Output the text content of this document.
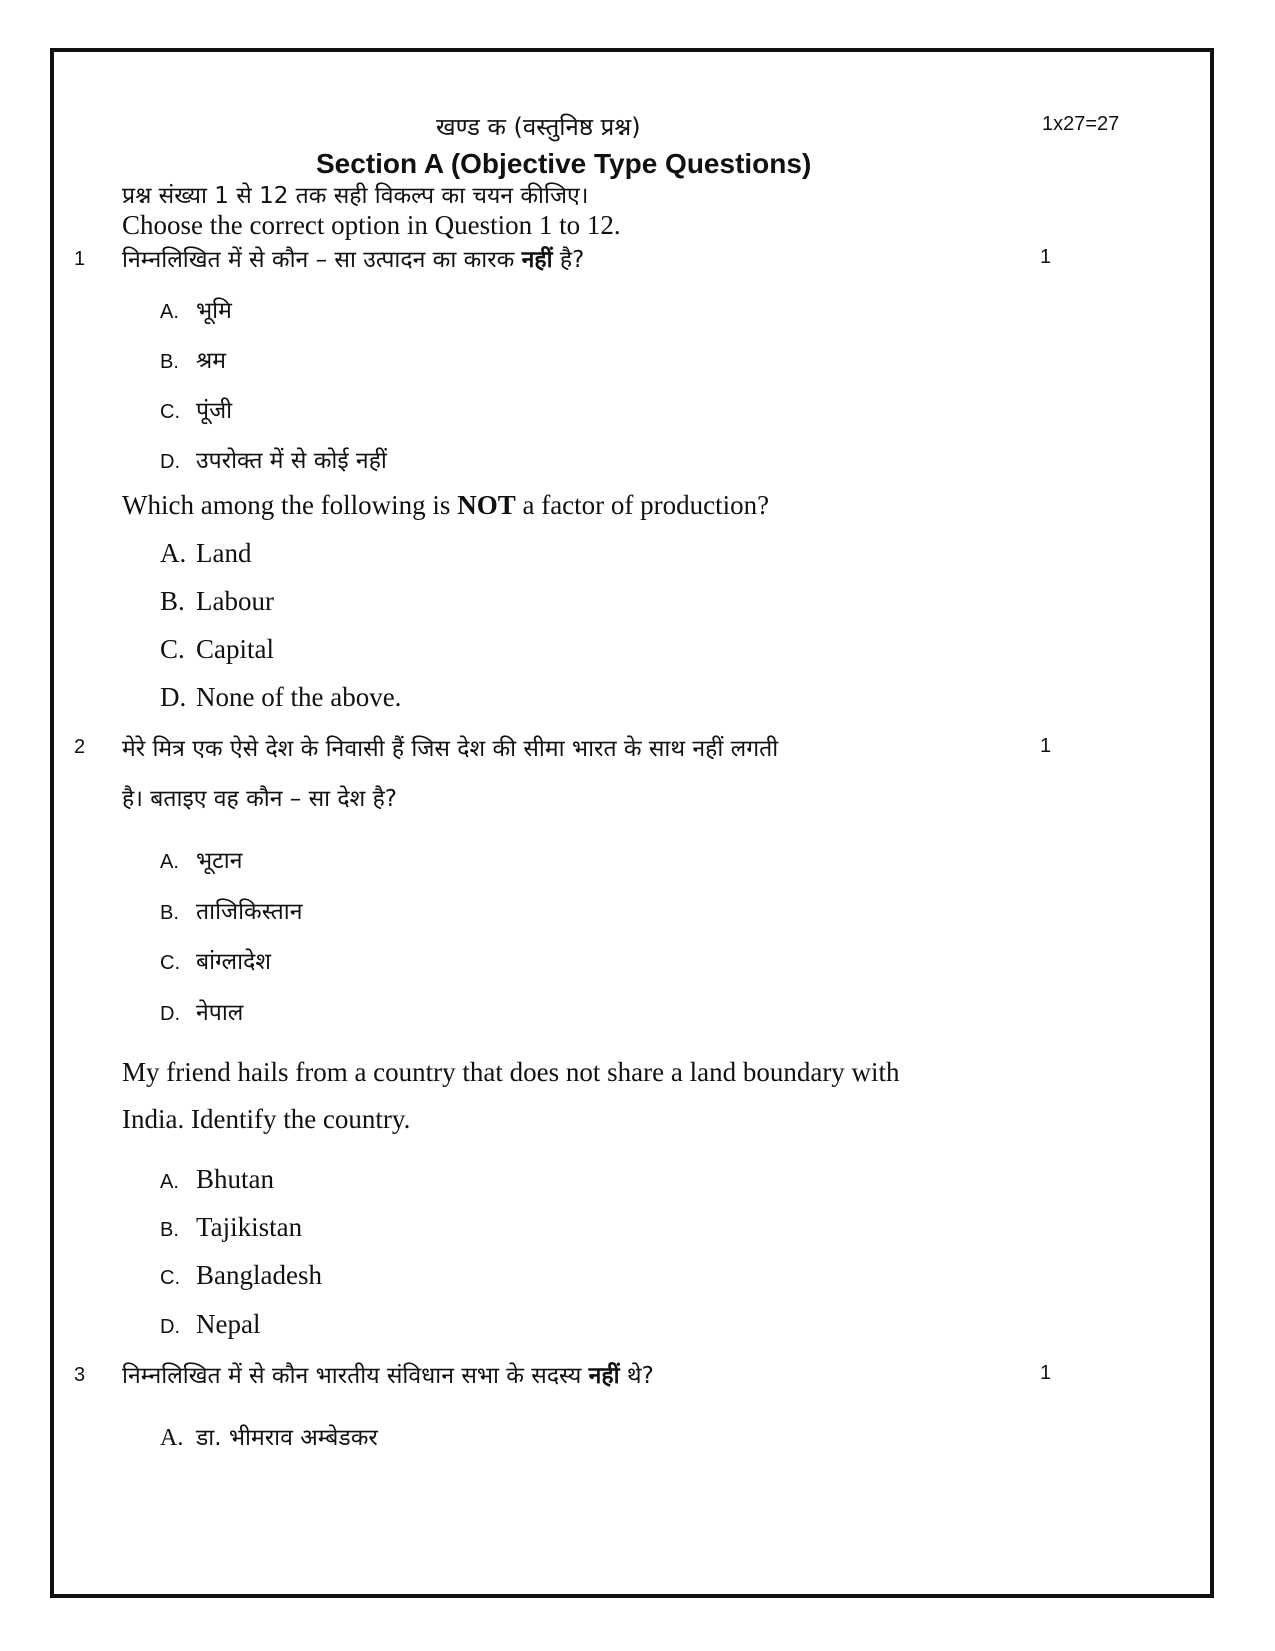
खण्ड क (वस्तुनिष्ठ प्रश्न)
Section A (Objective Type Questions)
1x27=27
प्रश्न संख्या 1 से 12 तक सही विकल्प का चयन कीजिए।
Choose the correct option in Question 1 to 12.
1 निम्नलिखित में से कौन – सा उत्पादन का कारक नहीं है?	1
A. भूमि
B. श्रम
C. पूंजी
D. उपरोक्त में से कोई नहीं
Which among the following is NOT a factor of production?
A. Land
B. Labour
C. Capital
D. None of the above.
2 मेरे मित्र एक ऐसे देश के निवासी हैं जिस देश की सीमा भारत के साथ नहीं लगती	1
है। बताइए वह कौन – सा देश है?
A. भूटान
B. ताजिकिस्तान
C. बांग्लादेश
D. नेपाल
My friend hails from a country that does not share a land boundary with
India. Identify the country.
A. Bhutan
B. Tajikistan
C. Bangladesh
D. Nepal
3 निम्नलिखित में से कौन भारतीय संविधान सभा के सदस्य नहीं थे?	1
A. डा. भीमराव अम्बेडकर
